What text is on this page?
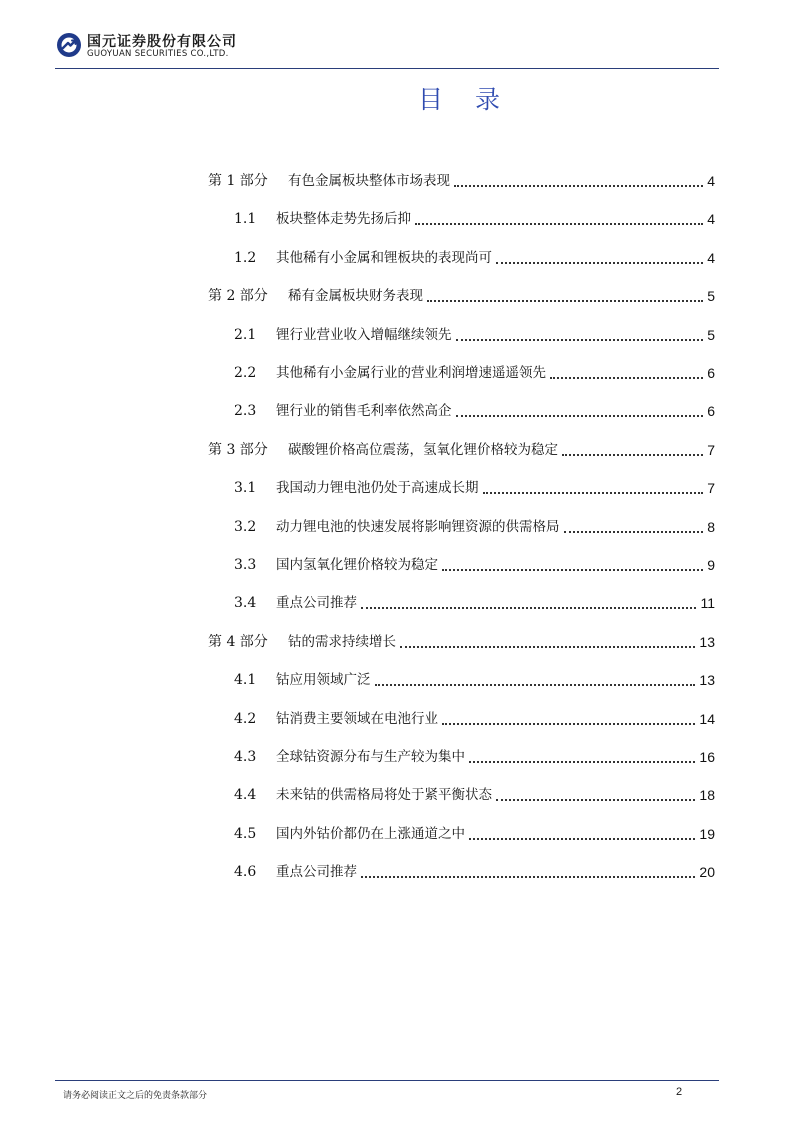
国元证券股份有限公司
GUOYUAN SECURITIES CO.,LTD.
目 录
第 1 部分	有色金属板块整体市场表现	4
1.1	板块整体走势先扬后抑	4
1.2	其他稀有小金属和锂板块的表现尚可	4
第 2 部分	稀有金属板块财务表现	5
2.1	锂行业营业收入增幅继续领先	5
2.2	其他稀有小金属行业的营业利润增速遥遥领先	6
2.3	锂行业的销售毛利率依然高企	6
第 3 部分	碳酸锂价格高位震荡，氢氧化锂价格较为稳定	7
3.1	我国动力锂电池仍处于高速成长期	7
3.2	动力锂电池的快速发展将影响锂资源的供需格局	8
3.3	国内氢氧化锂价格较为稳定	9
3.4	重点公司推荐	11
第 4 部分	钴的需求持续增长	13
4.1	钴应用领域广泛	13
4.2	钴消费主要领域在电池行业	14
4.3	全球钴资源分布与生产较为集中	16
4.4	未来钴的供需格局将处于紧平衡状态	18
4.5	国内外钴价都仍在上涨通道之中	19
4.6	重点公司推荐	20
请务必阅读正文之后的免责条款部分	2
